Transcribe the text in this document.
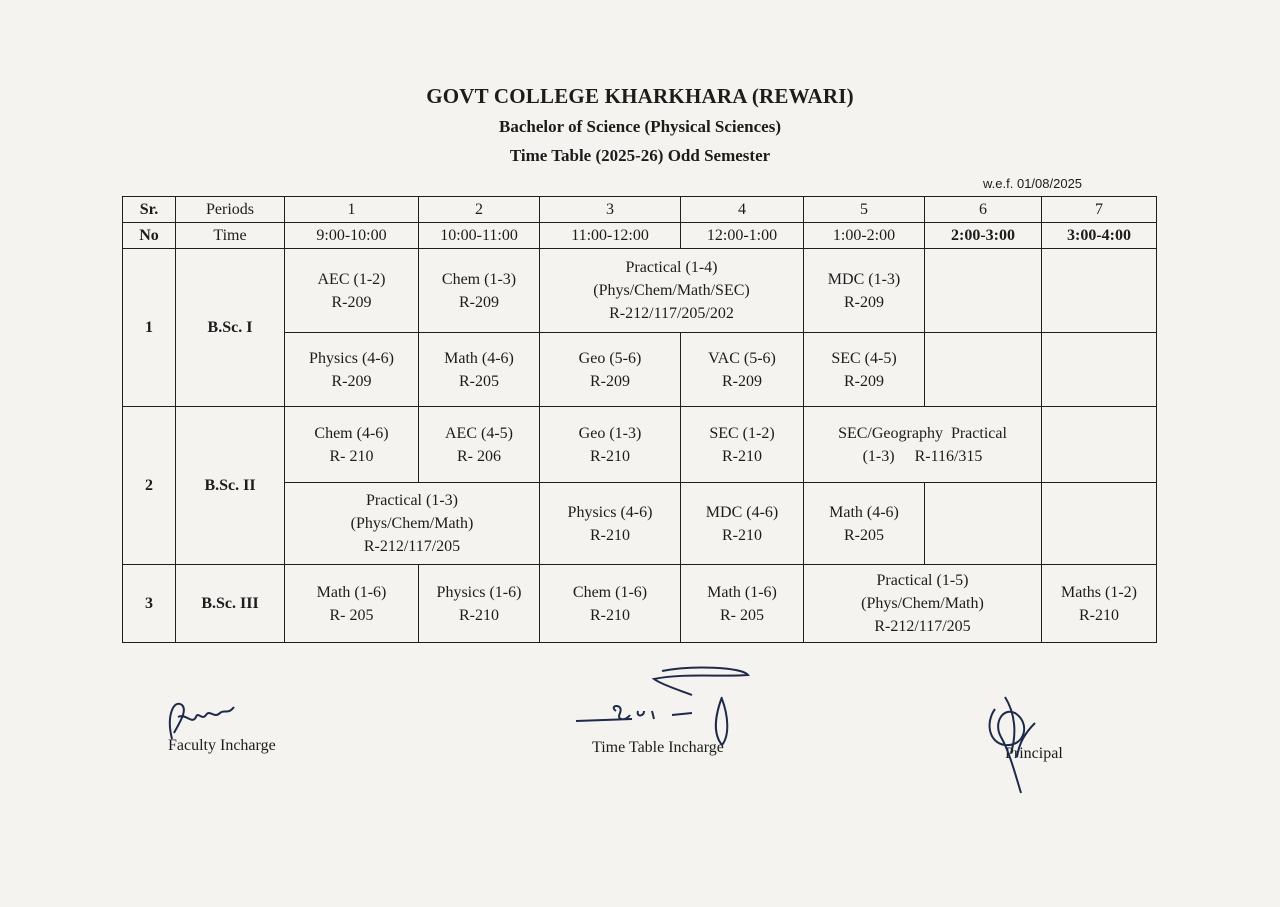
GOVT COLLEGE KHARKHARA (REWARI)
Bachelor of Science (Physical Sciences)
Time Table (2025-26) Odd Semester
w.e.f. 01/08/2025
Sr.	Periods	1	2	3	4	5	6	7
No	Time	9:00-10:00	10:00-11:00	11:00-12:00	12:00-1:00	1:00-2:00	2:00-3:00	3:00-4:00
1	B.Sc. I	AEC (1-2)
R-209	Chem (1-3)
R-209	Practical (1-4)
(Phys/Chem/Math/SEC)
R-212/117/205/202		MDC (1-3)
R-209		

		Physics (4-6)
R-209	Math (4-6)
R-205	Geo (5-6)
R-209	VAC (5-6)
R-209	SEC (4-5)
R-209		

2	B.Sc. II	Chem (4-6)
R- 210	AEC (4-5)
R- 206	Geo (1-3)
R-210	SEC (1-2)
R-210	SEC/Geography  Practical
(1-3)     R-116/315		

		Practical (1-3)
(Phys/Chem/Math)
R-212/117/205		Physics (4-6)
R-210	MDC (4-6)
R-210	Math (4-6)
R-205		

3	B.Sc. III	Math (1-6)
R- 205	Physics (1-6)
R-210	Chem (1-6)
R-210	Math (1-6)
R- 205	Practical (1-5)
(Phys/Chem/Math)
R-212/117/205		Maths (1-2)
R-210
Faculty Incharge	Time Table Incharge	Principal
